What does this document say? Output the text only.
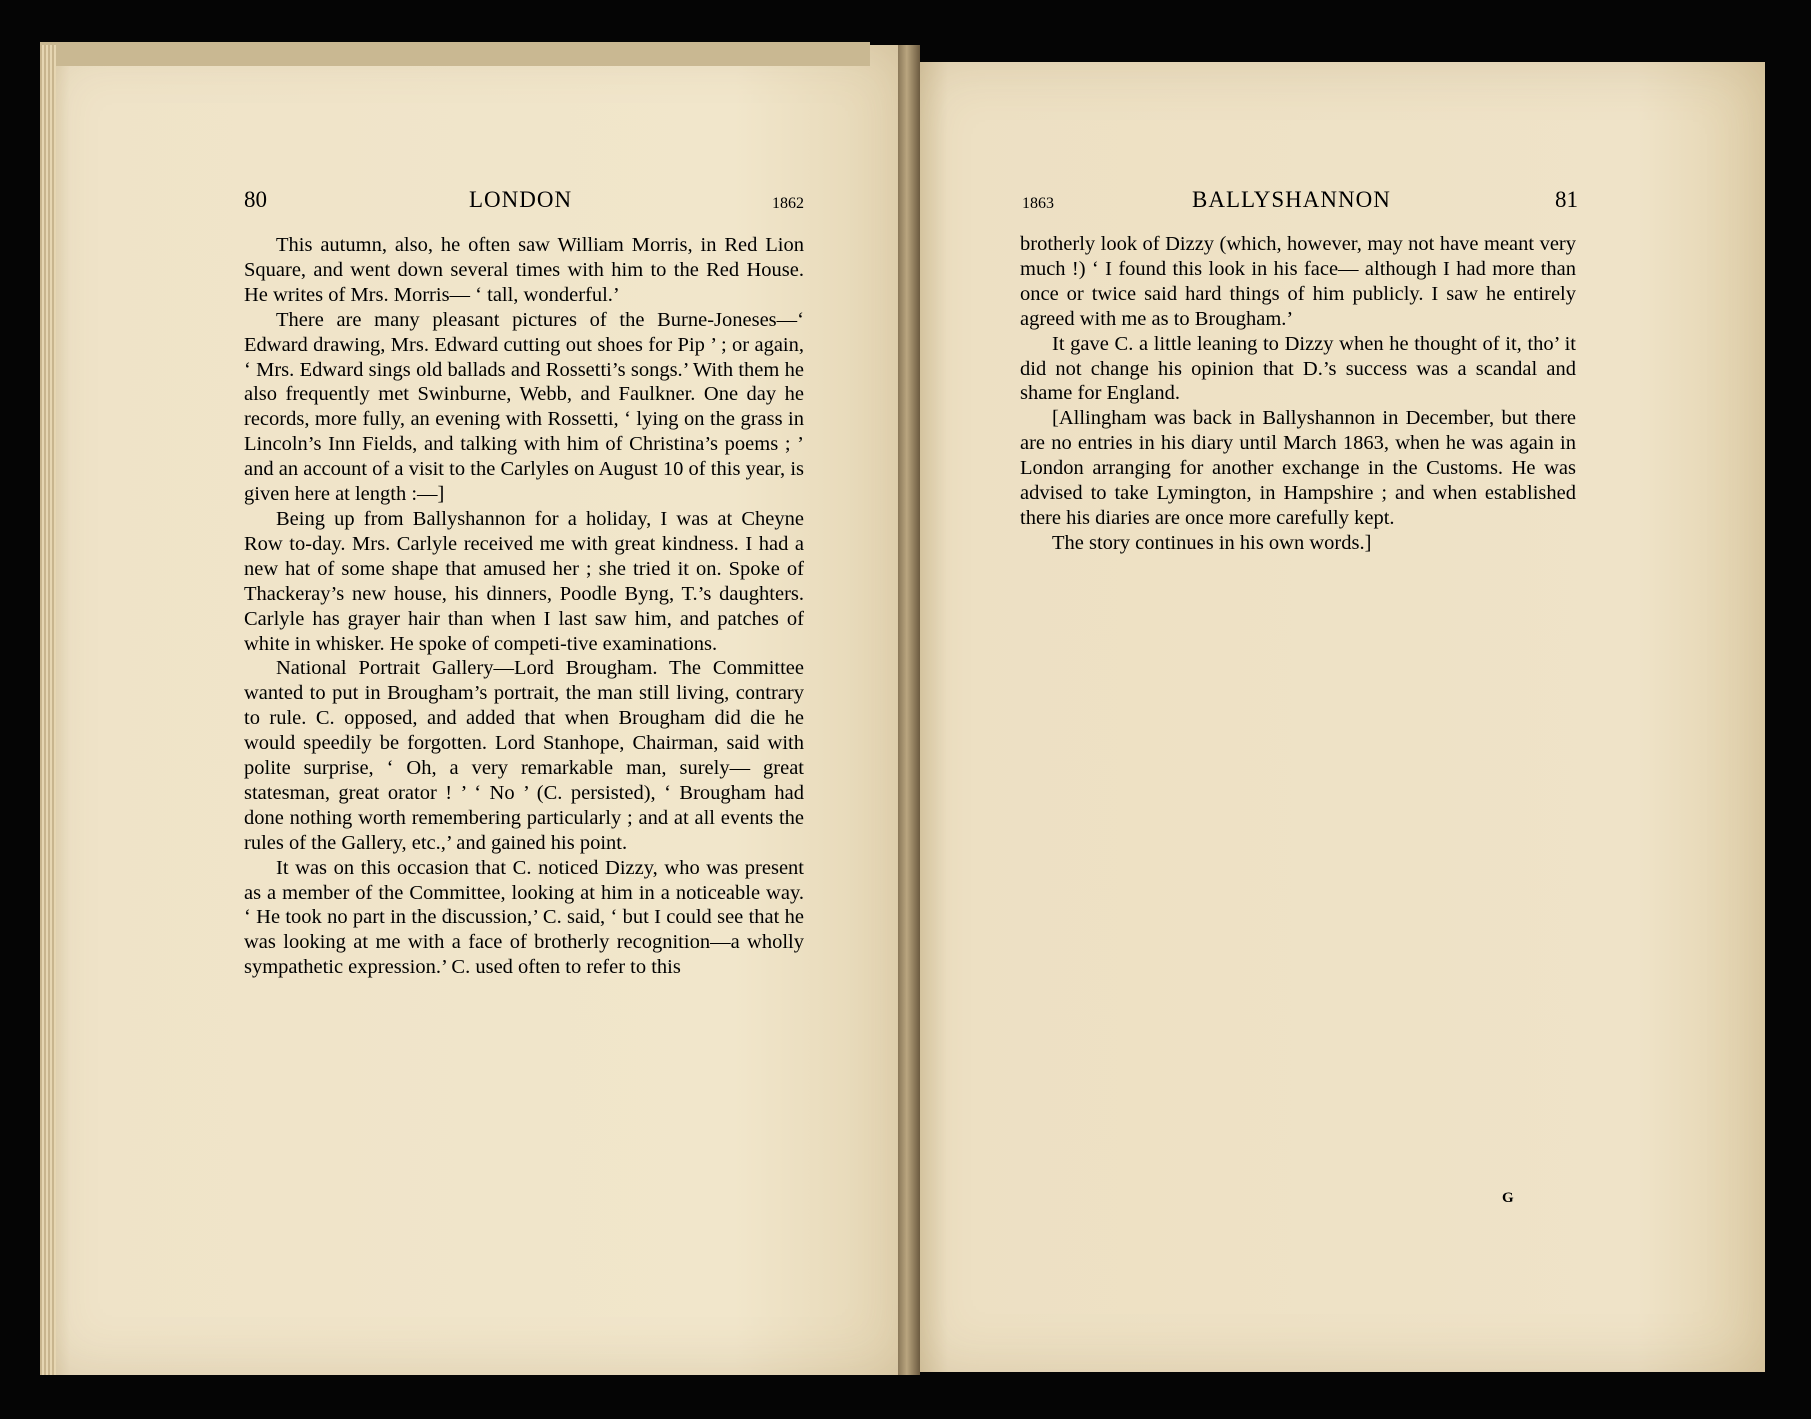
80	LONDON	1862

This autumn, also, he often saw William Morris, in Red Lion Square, and went down several times with him to the Red House. He writes of Mrs. Morris— ‘ tall, wonderful.’

There are many pleasant pictures of the Burne-Joneses—‘ Edward drawing, Mrs. Edward cutting out shoes for Pip ’ ; or again, ‘ Mrs. Edward sings old ballads and Rossetti’s songs.’ With them he also frequently met Swinburne, Webb, and Faulkner. One day he records, more fully, an evening with Rossetti, ‘ lying on the grass in Lincoln’s Inn Fields, and talking with him of Christina’s poems ; ’ and an account of a visit to the Carlyles on August 10 of this year, is given here at length :—]

Being up from Ballyshannon for a holiday, I was at Cheyne Row to-day. Mrs. Carlyle received me with great kindness. I had a new hat of some shape that amused her ; she tried it on. Spoke of Thackeray’s new house, his dinners, Poodle Byng, T.’s daughters. Carlyle has grayer hair than when I last saw him, and patches of white in whisker. He spoke of competi-tive examinations.

National Portrait Gallery—Lord Brougham. The Committee wanted to put in Brougham’s portrait, the man still living, contrary to rule. C. opposed, and added that when Brougham did die he would speedily be forgotten. Lord Stanhope, Chairman, said with polite surprise, ‘ Oh, a very remarkable man, surely— great statesman, great orator ! ’ ‘ No ’ (C. persisted), ‘ Brougham had done nothing worth remembering particularly ; and at all events the rules of the Gallery, etc.,’ and gained his point.

It was on this occasion that C. noticed Dizzy, who was present as a member of the Committee, looking at him in a noticeable way. ‘ He took no part in the discussion,’ C. said, ‘ but I could see that he was looking at me with a face of brotherly recognition—a wholly sympathetic expression.’ C. used often to refer to this

1863	BALLYSHANNON	81

brotherly look of Dizzy (which, however, may not have meant very much !) ‘ I found this look in his face— although I had more than once or twice said hard things of him publicly. I saw he entirely agreed with me as to Brougham.’

It gave C. a little leaning to Dizzy when he thought of it, tho’ it did not change his opinion that D.’s success was a scandal and shame for England.

[Allingham was back in Ballyshannon in December, but there are no entries in his diary until March 1863, when he was again in London arranging for another exchange in the Customs. He was advised to take Lymington, in Hampshire ; and when established there his diaries are once more carefully kept.

The story continues in his own words.]

G
